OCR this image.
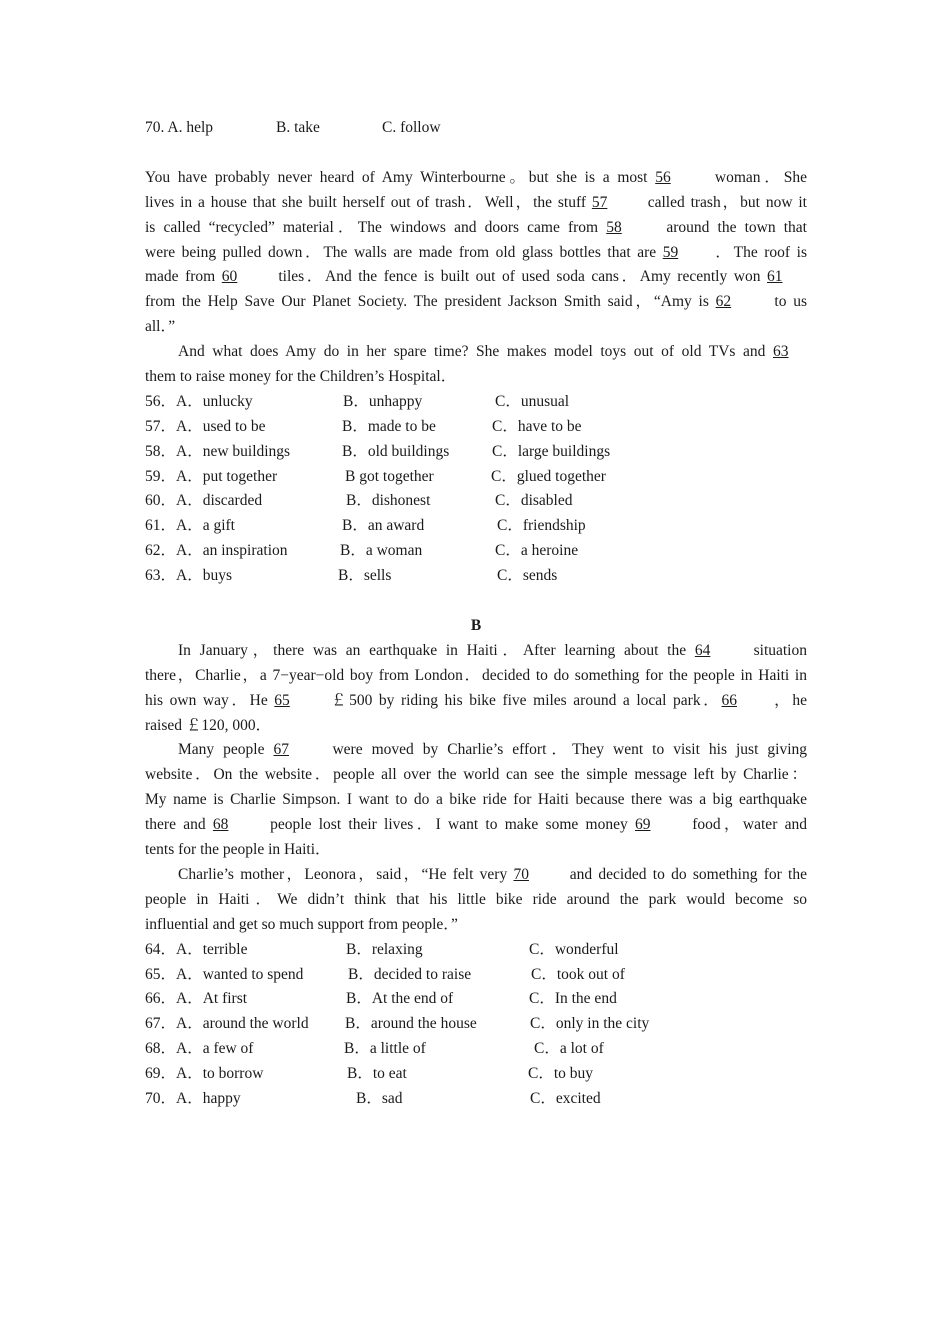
70. A. help	B. take	C. follow
You have probably never heard of Amy Winterbourne。but she is a most 56 woman．She
lives in a house that she built herself out of trash．Well，the stuff 57 called trash，but now it
is called “recycled” material．The windows and doors came from 58 around the town that
were being pulled down．The walls are made from old glass bottles that are 59 ．The roof is
made from 60 tiles．And the fence is built out of used soda cans．Amy recently won 61
from the Help Save Our Planet Society. The president Jackson Smith said，“Amy is 62 to us
all．”
And what does Amy do in her spare time? She makes model toys out of old TVs and 63
them to raise money for the Children’s Hospital．
56．A．unlucky	B．unhappy	C．unusual
57．A．used to be	B．made to be	C．have to be
58．A．new buildings	B．old buildings	C．large buildings
59．A．put together	B got together	C．glued together
60．A．discarded	B．dishonest	C．disabled
61．A．a gift	B．an award	C．friendship
62．A．an inspiration	B．a woman	C．a heroine
63．A．buys	B．sells	C．sends
B
In January，there was an earthquake in Haiti．After learning about the 64 situation
there，Charlie，a 7−year−old boy from London．decided to do something for the people in Haiti in
his own way．He 65 ￡500 by riding his bike five miles around a local park．66 ，he
raised ￡120, 000．
Many people 67 were moved by Charlie’s effort．They went to visit his just giving
website．On the website．people all over the world can see the simple message left by Charlie：
My name is Charlie Simpson. I want to do a bike ride for Haiti because there was a big earthquake
there and 68 people lost their lives．I want to make some money 69 food，water and
tents for the people in Haiti．
Charlie’s mother，Leonora，said，“He felt very 70 and decided to do something for the
people in Haiti．We didn’t think that his little bike ride around the park would become so
influential and get so much support from people．”
64．A．terrible	B．relaxing	C．wonderful
65．A．wanted to spend	B．decided to raise	C．took out of
66．A．At first	B．At the end of	C．In the end
67．A．around the world B．around the house	C．only in the city
68．A．a few of	B．a little of	C．a lot of
69．A．to borrow	B．to eat	C．to buy
70．A．happy	B．sad	C．excited
